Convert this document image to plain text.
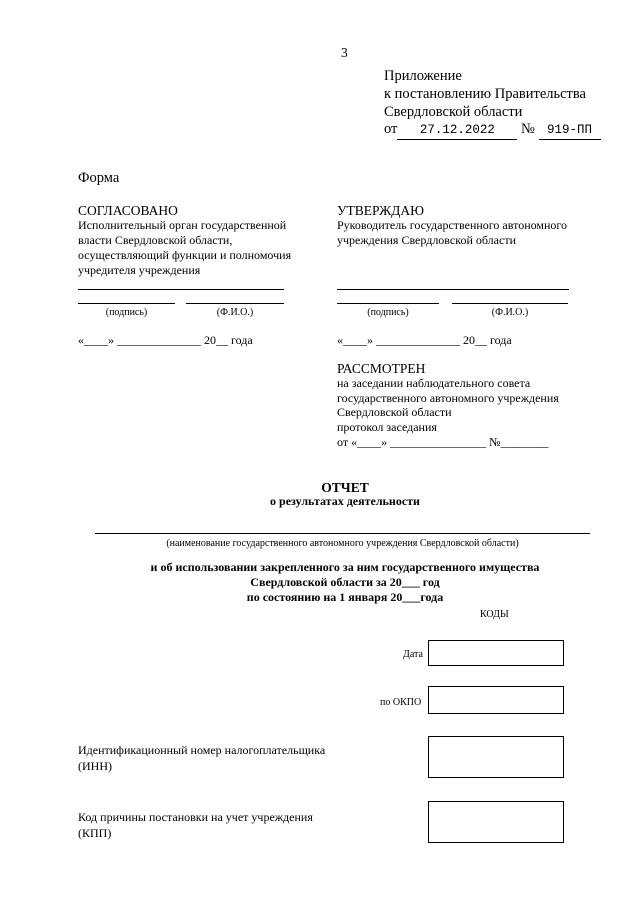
3
Приложение
к постановлению Правительства
Свердловской области
от 27.12.2022 № 919-ПП
Форма
СОГЛАСОВАНО
Исполнительный орган государственной
власти Свердловской области,
осуществляющий функции и полномочия
учредителя учреждения
(подпись)	(Ф.И.О.)
«____» ______________ 20__ года
УТВЕРЖДАЮ
Руководитель государственного автономного
учреждения Свердловской области
(подпись)	(Ф.И.О.)
«____» ______________ 20__ года
РАССМОТРЕН
на заседании наблюдательного совета
государственного автономного учреждения
Свердловской области
протокол заседания
от «____» ________________ №________
ОТЧЕТ
о результатах деятельности
(наименование государственного автономного учреждения Свердловской области)
и об использовании закрепленного за ним государственного имущества
Свердловской области за 20___ год
по состоянию на 1 января 20___года
КОДЫ
Дата
по ОКПО
Идентификационный номер налогоплательщика
(ИНН)
Код причины постановки на учет учреждения
(КПП)
